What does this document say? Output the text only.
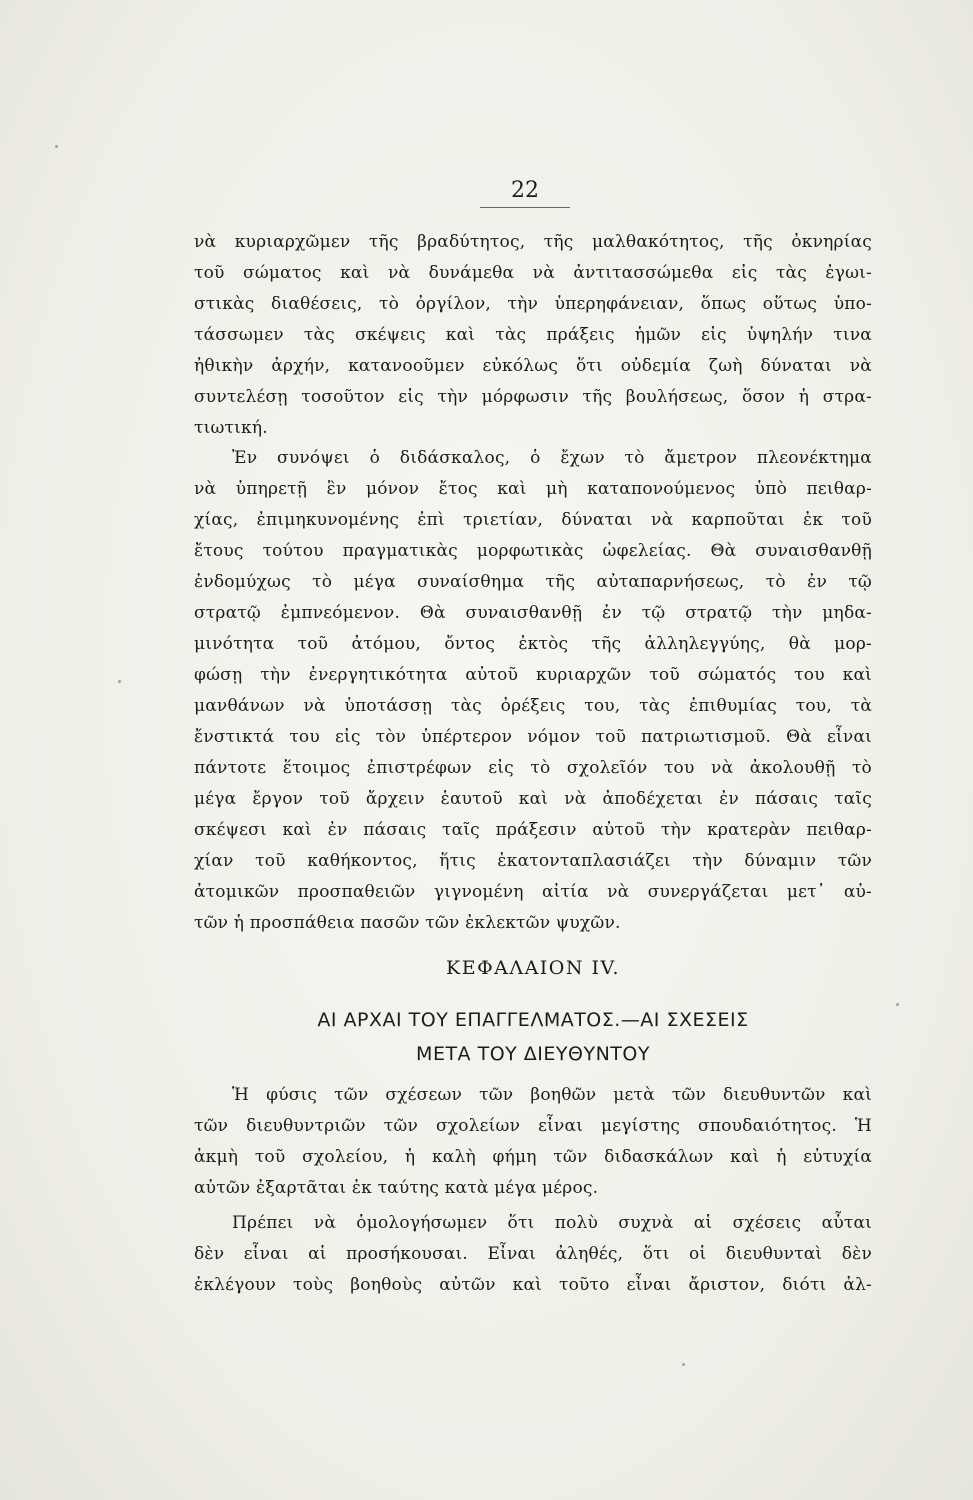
22
νὰ κυριαρχῶμεν τῆς βραδύτητος, τῆς μαλθακότητος, τῆς ὀκνηρίας
τοῦ σώματος καὶ νὰ δυνάμεθα νὰ ἀντιτασσώμεθα εἰς τὰς ἐγωι-
στικὰς διαθέσεις, τὸ ὀργίλον, τὴν ὑπερηφάνειαν, ὅπως οὕτως ὑπο-
τάσσωμεν τὰς σκέψεις καὶ τὰς πράξεις ἡμῶν εἰς ὑψηλήν τινα
ἠθικὴν ἀρχήν, κατανοοῦμεν εὐκόλως ὅτι οὐδεμία ζωὴ δύναται νὰ
συντελέσῃ τοσοῦτον εἰς τὴν μόρφωσιν τῆς βουλήσεως, ὅσον ἡ στρα-
τιωτική.
Ἐν συνόψει ὁ διδάσκαλος, ὁ ἔχων τὸ ἄμετρον πλεονέκτημα
νὰ ὑπηρετῇ ἓν μόνον ἔτος καὶ μὴ καταπονούμενος ὑπὸ πειθαρ-
χίας, ἐπιμηκυνομένης ἐπὶ τριετίαν, δύναται νὰ καρποῦται ἐκ τοῦ
ἔτους τούτου πραγματικὰς μορφωτικὰς ὠφελείας. Θὰ συναισθανθῇ
ἐνδομύχως τὸ μέγα συναίσθημα τῆς αὐταπαρνήσεως, τὸ ἐν τῷ
στρατῷ ἐμπνεόμενον. Θὰ συναισθανθῇ ἐν τῷ στρατῷ τὴν μηδα-
μινότητα τοῦ ἀτόμου, ὄντος ἐκτὸς τῆς ἀλληλεγγύης, θὰ μορ-
φώσῃ τὴν ἐνεργητικότητα αὐτοῦ κυριαρχῶν τοῦ σώματός του καὶ
μανθάνων νὰ ὑποτάσσῃ τὰς ὀρέξεις του, τὰς ἐπιθυμίας του, τὰ
ἔνστικτά του εἰς τὸν ὑπέρτερον νόμον τοῦ πατριωτισμοῦ. Θὰ εἶναι
πάντοτε ἕτοιμος ἐπιστρέφων εἰς τὸ σχολεῖόν του νὰ ἀκολουθῇ τὸ
μέγα ἔργον τοῦ ἄρχειν ἑαυτοῦ καὶ νὰ ἀποδέχεται ἐν πάσαις ταῖς
σκέψεσι καὶ ἐν πάσαις ταῖς πράξεσιν αὐτοῦ τὴν κρατερὰν πειθαρ-
χίαν τοῦ καθήκοντος, ἥτις ἑκατονταπλασιάζει τὴν δύναμιν τῶν
ἀτομικῶν προσπαθειῶν γιγνομένη αἰτία νὰ συνεργάζεται μετ᾽ αὐ-
τῶν ἡ προσπάθεια πασῶν τῶν ἐκλεκτῶν ψυχῶν.
ΚΕΦΑΛΑΙΟΝ IV.
ΑΙ ΑΡΧΑΙ ΤΟΥ ΕΠΑΓΓΕΛΜΑΤΟΣ.—ΑΙ ΣΧΕΣΕΙΣ
ΜΕΤΑ ΤΟΥ ΔΙΕΥΘΥΝΤΟΥ
Ἡ φύσις τῶν σχέσεων τῶν βοηθῶν μετὰ τῶν διευθυντῶν καὶ
τῶν διευθυντριῶν τῶν σχολείων εἶναι μεγίστης σπουδαιότητος. Ἡ
ἀκμὴ τοῦ σχολείου, ἡ καλὴ φήμη τῶν διδασκάλων καὶ ἡ εὐτυχία
αὐτῶν ἐξαρτᾶται ἐκ ταύτης κατὰ μέγα μέρος.
Πρέπει νὰ ὁμολογήσωμεν ὅτι πολὺ συχνὰ αἱ σχέσεις αὗται
δὲν εἶναι αἱ προσήκουσαι. Εἶναι ἀληθές, ὅτι οἱ διευθυνταὶ δὲν
ἐκλέγουν τοὺς βοηθοὺς αὐτῶν καὶ τοῦτο εἶναι ἄριστον, διότι ἀλ-
